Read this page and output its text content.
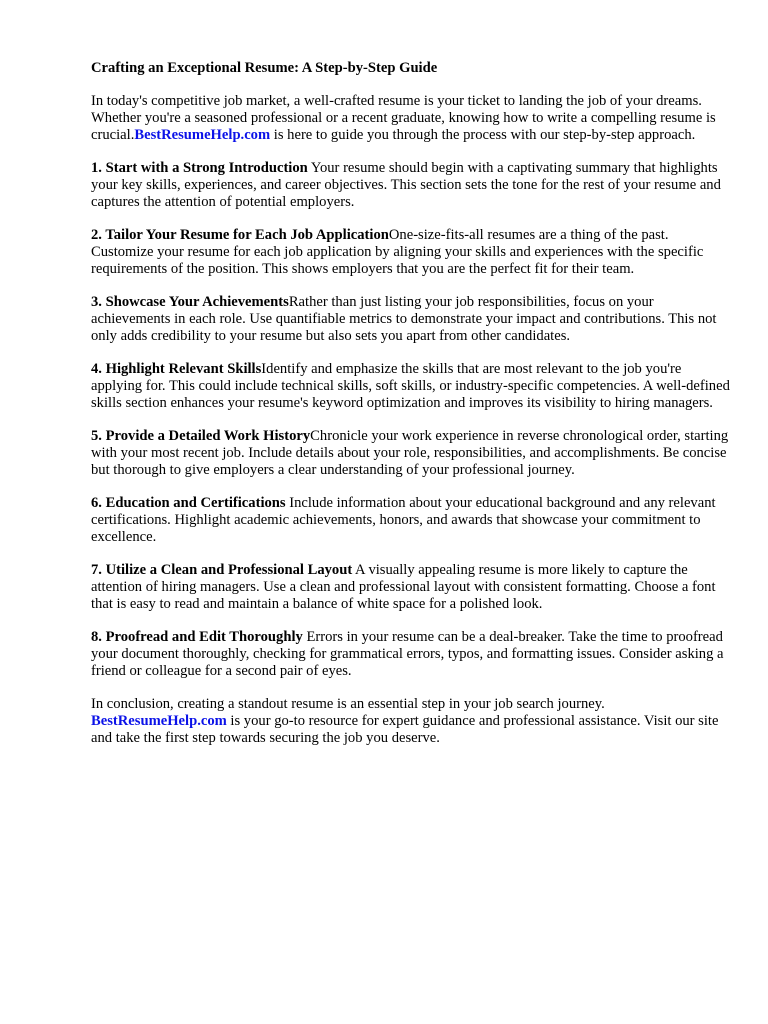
Crafting an Exceptional Resume: A Step-by-Step Guide
In today's competitive job market, a well-crafted resume is your ticket to landing the job of your dreams. Whether you're a seasoned professional or a recent graduate, knowing how to write a compelling resume is crucial.BestResumeHelp.com is here to guide you through the process with our step-by-step approach.
1. Start with a Strong Introduction Your resume should begin with a captivating summary that highlights your key skills, experiences, and career objectives. This section sets the tone for the rest of your resume and captures the attention of potential employers.
2. Tailor Your Resume for Each Job ApplicationOne-size-fits-all resumes are a thing of the past. Customize your resume for each job application by aligning your skills and experiences with the specific requirements of the position. This shows employers that you are the perfect fit for their team.
3. Showcase Your AchievementsRather than just listing your job responsibilities, focus on your achievements in each role. Use quantifiable metrics to demonstrate your impact and contributions. This not only adds credibility to your resume but also sets you apart from other candidates.
4. Highlight Relevant SkillsIdentify and emphasize the skills that are most relevant to the job you're applying for. This could include technical skills, soft skills, or industry-specific competencies. A well-defined skills section enhances your resume's keyword optimization and improves its visibility to hiring managers.
5. Provide a Detailed Work HistoryChronicle your work experience in reverse chronological order, starting with your most recent job. Include details about your role, responsibilities, and accomplishments. Be concise but thorough to give employers a clear understanding of your professional journey.
6. Education and Certifications Include information about your educational background and any relevant certifications. Highlight academic achievements, honors, and awards that showcase your commitment to excellence.
7. Utilize a Clean and Professional Layout A visually appealing resume is more likely to capture the attention of hiring managers. Use a clean and professional layout with consistent formatting. Choose a font that is easy to read and maintain a balance of white space for a polished look.
8. Proofread and Edit Thoroughly Errors in your resume can be a deal-breaker. Take the time to proofread your document thoroughly, checking for grammatical errors, typos, and formatting issues. Consider asking a friend or colleague for a second pair of eyes.
In conclusion, creating a standout resume is an essential step in your job search journey. BestResumeHelp.com is your go-to resource for expert guidance and professional assistance. Visit our site and take the first step towards securing the job you deserve.
